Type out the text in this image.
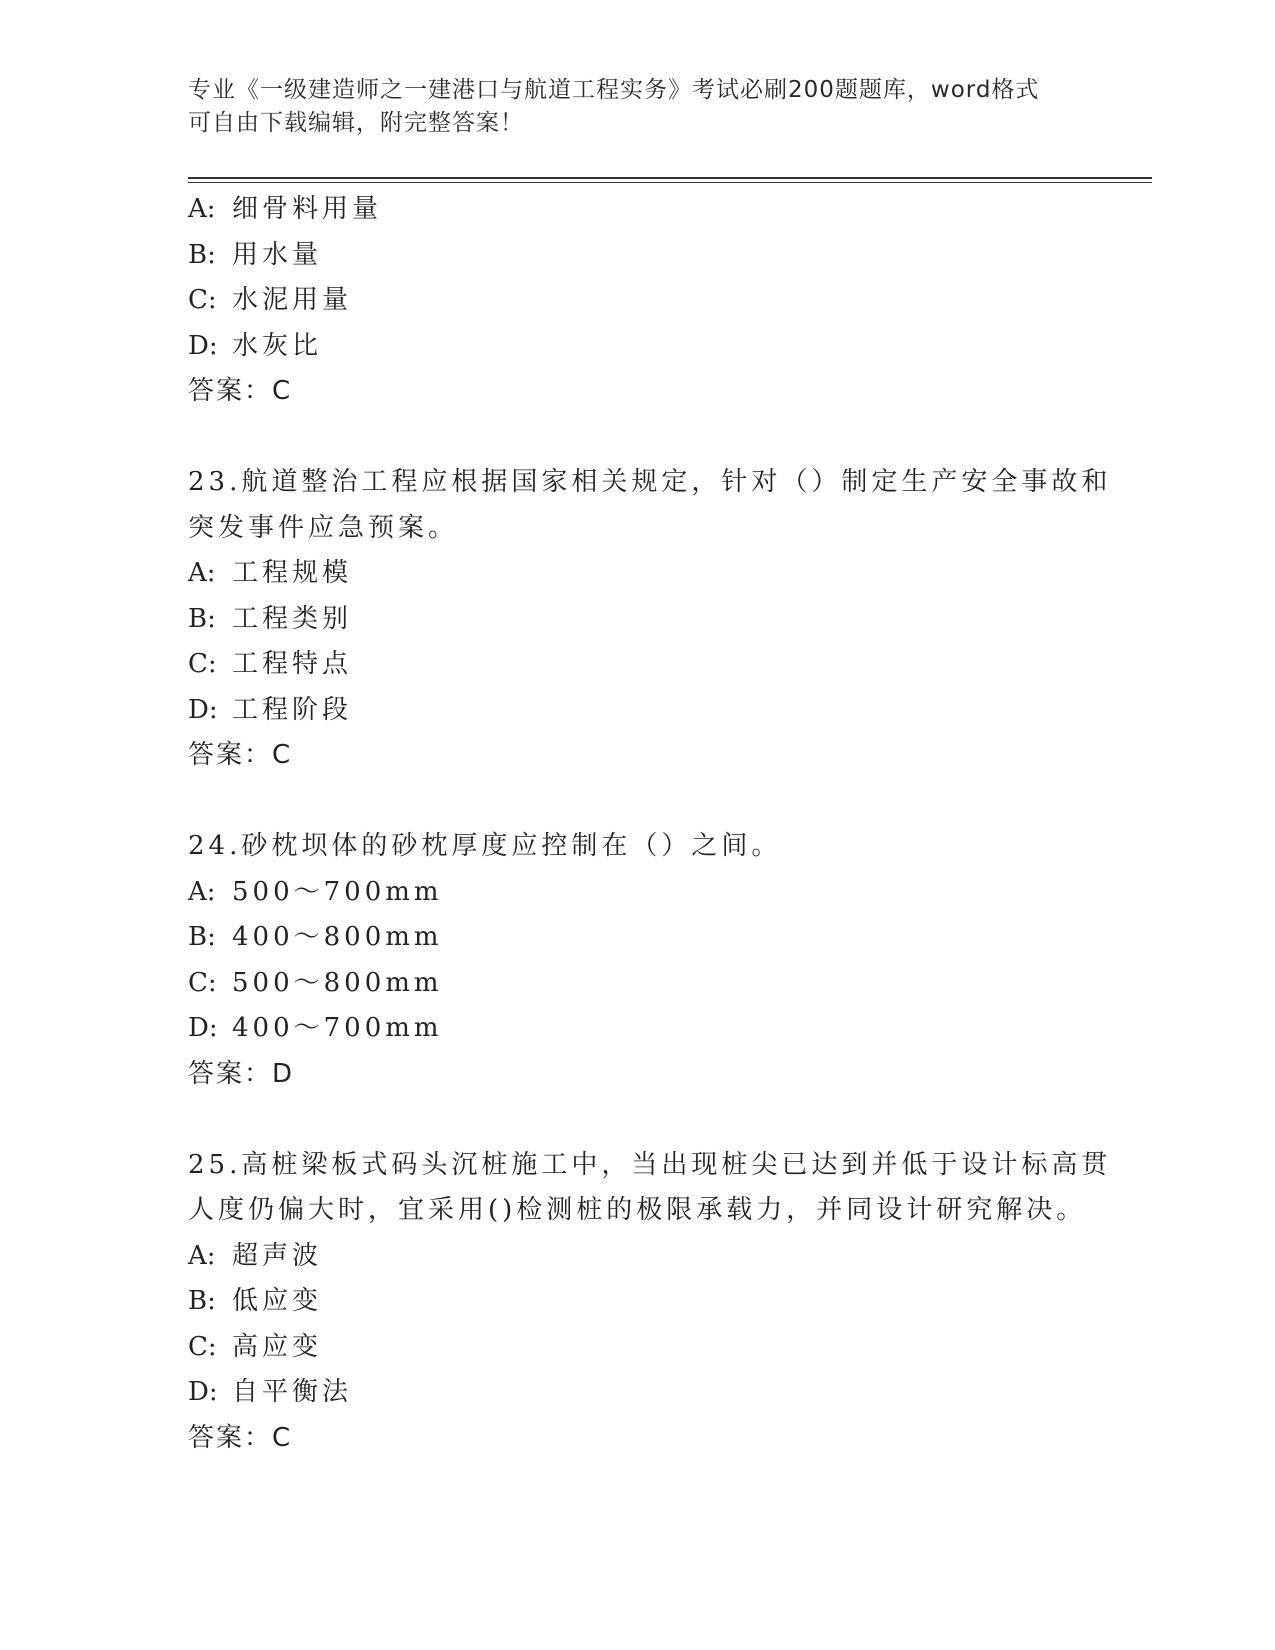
专业《一级建造师之一建港口与航道工程实务》考试必刷200题题库，word格式
可自由下载编辑，附完整答案！
A: 细骨料用量
B: 用水量
C: 水泥用量
D: 水灰比
答案：C
23.航道整治工程应根据国家相关规定，针对（）制定生产安全事故和
突发事件应急预案。
A: 工程规模
B: 工程类别
C: 工程特点
D: 工程阶段
答案：C
24.砂枕坝体的砂枕厚度应控制在（）之间。
A: 500～700mm
B: 400～800mm
C: 500～800mm
D: 400～700mm
答案：D
25.高桩梁板式码头沉桩施工中，当出现桩尖已达到并低于设计标高贯
人度仍偏大时，宜采用()检测桩的极限承载力，并同设计研究解决。
A: 超声波
B: 低应变
C: 高应变
D: 自平衡法
答案：C
